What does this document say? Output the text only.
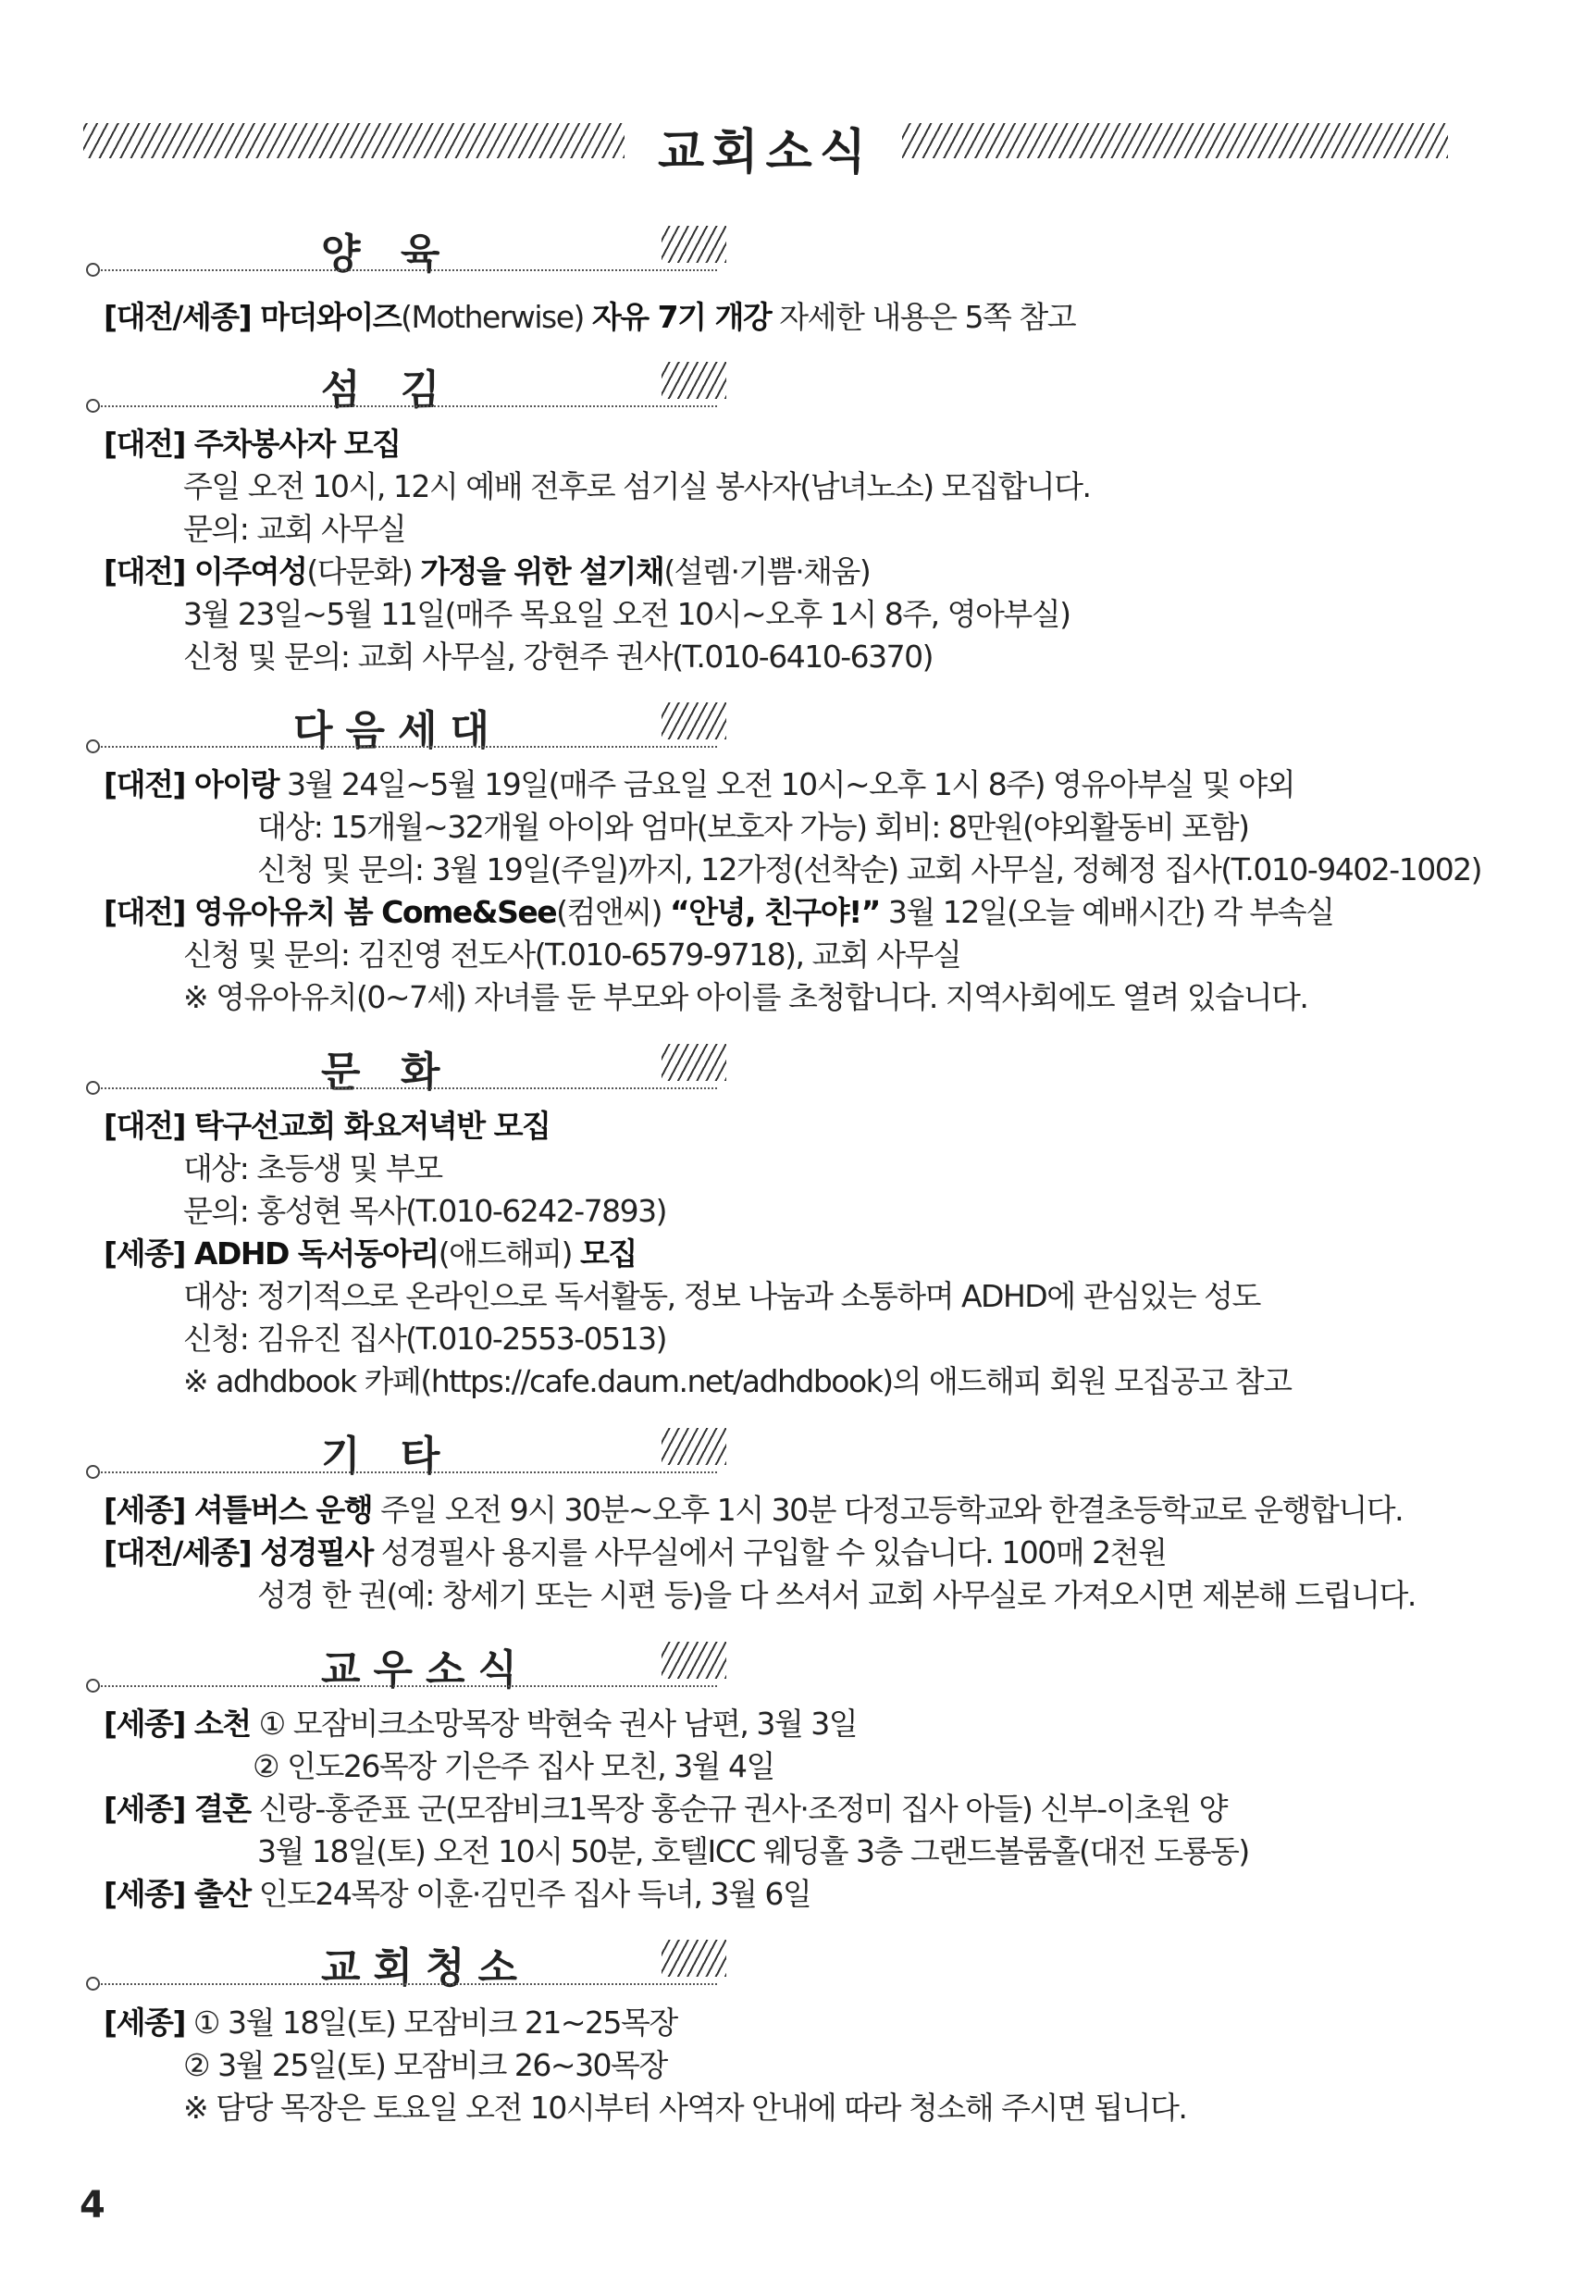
교회소식
양 육
[대전/세종] 마더와이즈(Motherwise) 자유 7기 개강 자세한 내용은 5쪽 참고
섬 김
[대전] 주차봉사자 모집
주일 오전 10시, 12시 예배 전후로 섬기실 봉사자(남녀노소) 모집합니다.
문의: 교회 사무실
[대전] 이주여성(다문화) 가정을 위한 설기채(설렘·기쁨·채움)
3월 23일~5월 11일(매주 목요일 오전 10시~오후 1시 8주, 영아부실)
신청 및 문의: 교회 사무실, 강현주 권사(T.010-6410-6370)
다음세대
[대전] 아이랑 3월 24일~5월 19일(매주 금요일 오전 10시~오후 1시 8주) 영유아부실 및 야외
대상: 15개월~32개월 아이와 엄마(보호자 가능) 회비: 8만원(야외활동비 포함)
신청 및 문의: 3월 19일(주일)까지, 12가정(선착순) 교회 사무실, 정혜정 집사(T.010-9402-1002)
[대전] 영유아유치 봄 Come&See(컴앤씨) “안녕, 친구야!” 3월 12일(오늘 예배시간) 각 부속실
신청 및 문의: 김진영 전도사(T.010-6579-9718), 교회 사무실
※ 영유아유치(0~7세) 자녀를 둔 부모와 아이를 초청합니다. 지역사회에도 열려 있습니다.
문 화
[대전] 탁구선교회 화요저녁반 모집
대상: 초등생 및 부모
문의: 홍성현 목사(T.010-6242-7893)
[세종] ADHD 독서동아리(애드해피) 모집
대상: 정기적으로 온라인으로 독서활동, 정보 나눔과 소통하며 ADHD에 관심있는 성도
신청: 김유진 집사(T.010-2553-0513)
※ adhdbook 카페(https://cafe.daum.net/adhdbook)의 애드해피 회원 모집공고 참고
기 타
[세종] 셔틀버스 운행 주일 오전 9시 30분~오후 1시 30분 다정고등학교와 한결초등학교로 운행합니다.
[대전/세종] 성경필사 성경필사 용지를 사무실에서 구입할 수 있습니다. 100매 2천원
성경 한 권(예: 창세기 또는 시편 등)을 다 쓰셔서 교회 사무실로 가져오시면 제본해 드립니다.
교우소식
[세종] 소천 ① 모잠비크소망목장 박현숙 권사 남편, 3월 3일
② 인도26목장 기은주 집사 모친, 3월 4일
[세종] 결혼 신랑-홍준표 군(모잠비크1목장 홍순규 권사·조정미 집사 아들) 신부-이초원 양
3월 18일(토) 오전 10시 50분, 호텔ICC 웨딩홀 3층 그랜드볼룸홀(대전 도룡동)
[세종] 출산 인도24목장 이훈·김민주 집사 득녀, 3월 6일
교회청소
[세종] ① 3월 18일(토) 모잠비크 21~25목장
② 3월 25일(토) 모잠비크 26~30목장
※ 담당 목장은 토요일 오전 10시부터 사역자 안내에 따라 청소해 주시면 됩니다.
4
